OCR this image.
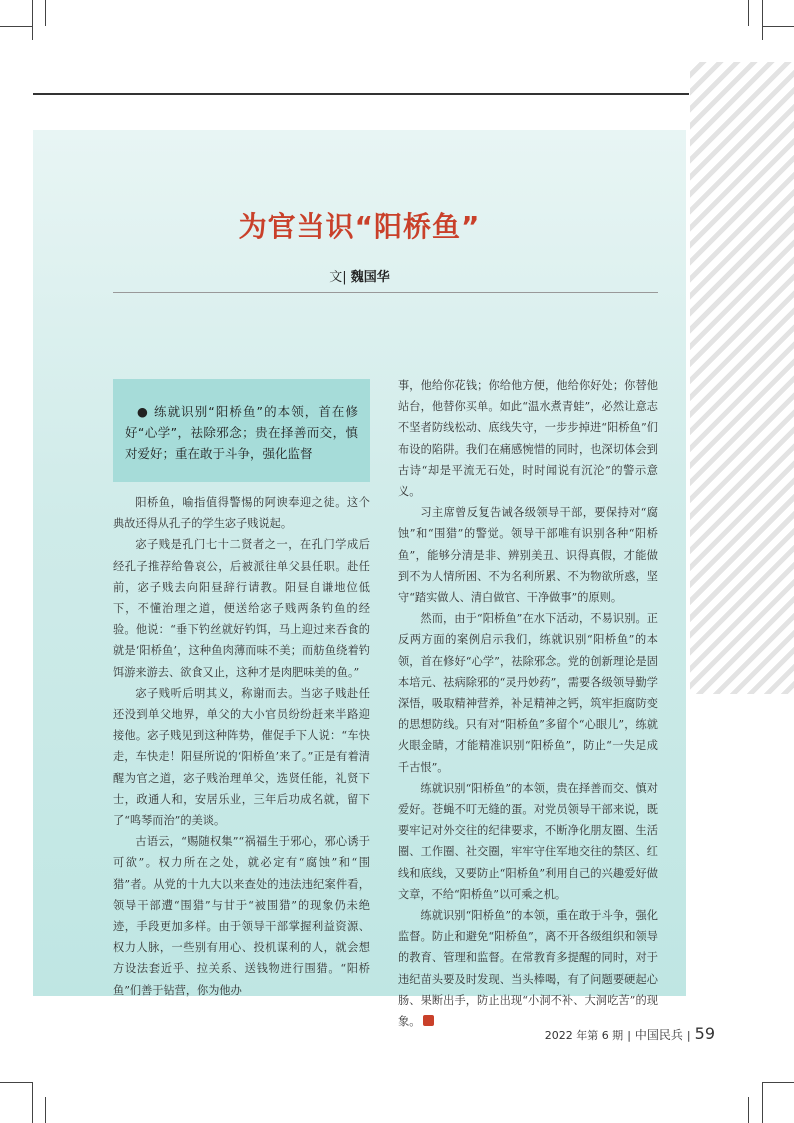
为官当识“阳桥鱼”
文| 魏国华

● 练就识别“阳桥鱼”的本领，首在修好“心学”，祛除邪念；贵在择善而交，慎对爱好；重在敢于斗争，强化监督

阳桥鱼，喻指值得警惕的阿谀奉迎之徒。这个典故还得从孔子的学生宓子贱说起。

宓子贱是孔门七十二贤者之一，在孔门学成后经孔子推荐给鲁哀公，后被派往单父县任职。赴任前，宓子贱去向阳昼辞行请教。阳昼自谦地位低下，不懂治理之道，便送给宓子贱两条钓鱼的经验。他说：“垂下钓丝就好钓饵，马上迎过来吞食的就是‘阳桥鱼’，这种鱼肉薄而味不美；而舫鱼绕着钓饵游来游去、欲食又止，这种才是肉肥味美的鱼。”

宓子贱听后明其义，称谢而去。当宓子贱赴任还没到单父地界，单父的大小官员纷纷赶来半路迎接他。宓子贱见到这种阵势，催促手下人说：“车快走，车快走！阳昼所说的‘阳桥鱼’来了。”正是有着清醒为官之道，宓子贱治理单父，选贤任能，礼贤下士，政通人和，安居乐业，三年后功成名就，留下了“鸣琴而治”的美谈。

古语云，“赐随权集”“祸福生于邪心，邪心诱于可欲”。权力所在之处，就必定有“腐蚀”和“围猎”者。从党的十九大以来查处的违法违纪案件看，领导干部遭“围猎”与甘于“被围猎”的现象仍未绝迹，手段更加多样。由于领导干部掌握利益资源、权力人脉，一些别有用心、投机谋利的人，就会想方设法套近乎、拉关系、送钱物进行围猎。“阳桥鱼”们善于钻营，你为他办

事，他给你花钱；你给他方便，他给你好处；你替他站台，他替你买单。如此“温水煮青蛙”，必然让意志不坚者防线松动、底线失守，一步步掉进“阳桥鱼”们布设的陷阱。我们在痛感惋惜的同时，也深切体会到古诗“却是平流无石处，时时闻说有沉沦”的警示意义。

习主席曾反复告诫各级领导干部，要保持对“腐蚀”和“围猎”的警觉。领导干部唯有识别各种“阳桥鱼”，能够分清是非、辨别美丑、识得真假，才能做到不为人情所困、不为名利所累、不为物欲所惑，坚守“踏实做人、清白做官、干净做事”的原则。

然而，由于“阳桥鱼”在水下活动，不易识别。正反两方面的案例启示我们，练就识别“阳桥鱼”的本领，首在修好“心学”，祛除邪念。党的创新理论是固本培元、祛病除邪的“灵丹妙药”，需要各级领导勤学深悟，吸取精神营养，补足精神之钙，筑牢拒腐防变的思想防线。只有对“阳桥鱼”多留个“心眼儿”，练就火眼金睛，才能精准识别“阳桥鱼”，防止“一失足成千古恨”。

练就识别“阳桥鱼”的本领，贵在择善而交、慎对爱好。苍蝇不叮无缝的蛋。对党员领导干部来说，既要牢记对外交往的纪律要求，不断净化朋友圈、生活圈、工作圈、社交圈，牢牢守住军地交往的禁区、红线和底线，又要防止“阳桥鱼”利用自己的兴趣爱好做文章，不给“阳桥鱼”以可乘之机。

练就识别“阳桥鱼”的本领，重在敢于斗争，强化监督。防止和避免“阳桥鱼”，离不开各级组织和领导的教育、管理和监督。在常教育多提醒的同时，对于违纪苗头要及时发现、当头棒喝，有了问题要硬起心肠、果断出手，防止出现“小洞不补、大洞吃苦”的现象。

2022 年第 6 期 | 中国民兵 | 59
